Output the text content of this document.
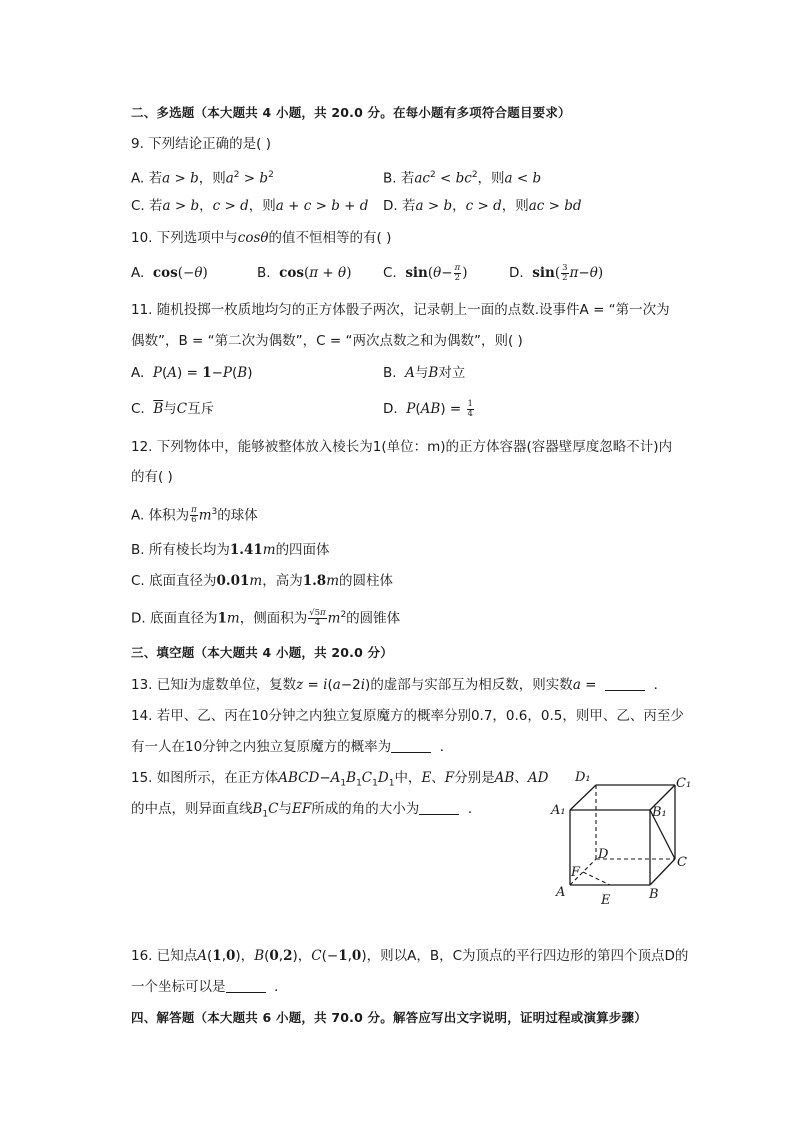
二、多选题（本大题共 4 小题，共 20.0 分。在每小题有多项符合题目要求）
9. 下列结论正确的是( )
A. 若a > b，则$a^2 > b^2$	B. 若$ac^2 < bc^2$，则a < b
C. 若a > b，c > d，则a + c > b + d D. 若a > b，c > d，则ac > bd
10. 下列选项中与cosθ的值不恒相等的有( )
A. cos(−θ)	B. cos(π + θ) C. $\sin(\theta- \frac{\pi}{2}$ )	D. $\sin( \frac{3}{2} \pi-\theta)$
11. 随机投掷一枚质地均匀的正方体骰子两次，记录朝上一面的点数.设事件A = “第一次为
偶数”，B = “第二次为偶数”，C = “两次点数之和为偶数”，则( )
A. P(A) = 1−P(B)	B. A与B对立
C. $\overline{B}$与C互斥	D. $P(AB) = \frac{1}{4}$
12. 下列物体中，能够被整体放入棱长为1(单位：m)的正方体容器(容器壁厚度忽略不计)内
的有( )
A. 体积为 $\frac{\pi}{6} m^3$的球体
B. 所有棱长均为1.41m的四面体
C. 底面直径为0.01m，高为1.8m的圆柱体
D. 底面直径为1m，侧面积为 $\frac{√5\pi}{4} m^2$的圆锥体
三、填空题（本大题共 4 小题，共 20.0 分）
13. 已知i为虚数单位，复数z = i(a−2i)的虚部与实部互为相反数，则实数a =	．
14. 若甲、乙、丙在10分钟之内独立复原魔方的概率分别0.7，0.6，0.5，则甲、乙、丙至少
有一人在10分钟之内独立复原魔方的概率为	．
15. 如图所示，在正方体$ABCD-A_1B_1C_1D_1$中，E、F分别是AB、AD
的中点，则异面直线$B_1C$与EF所成的角的大小为	．
D₁	C₁
A₁	B₁
D
C
F
A	B
E
16. 已知点A(1,0)，B(0,2)，C(−1,0)，则以A，B，C为顶点的平行四边形的第四个顶点D的
一个坐标可以是	．
四、解答题（本大题共 6 小题，共 70.0 分。解答应写出文字说明，证明过程或演算步骤）
